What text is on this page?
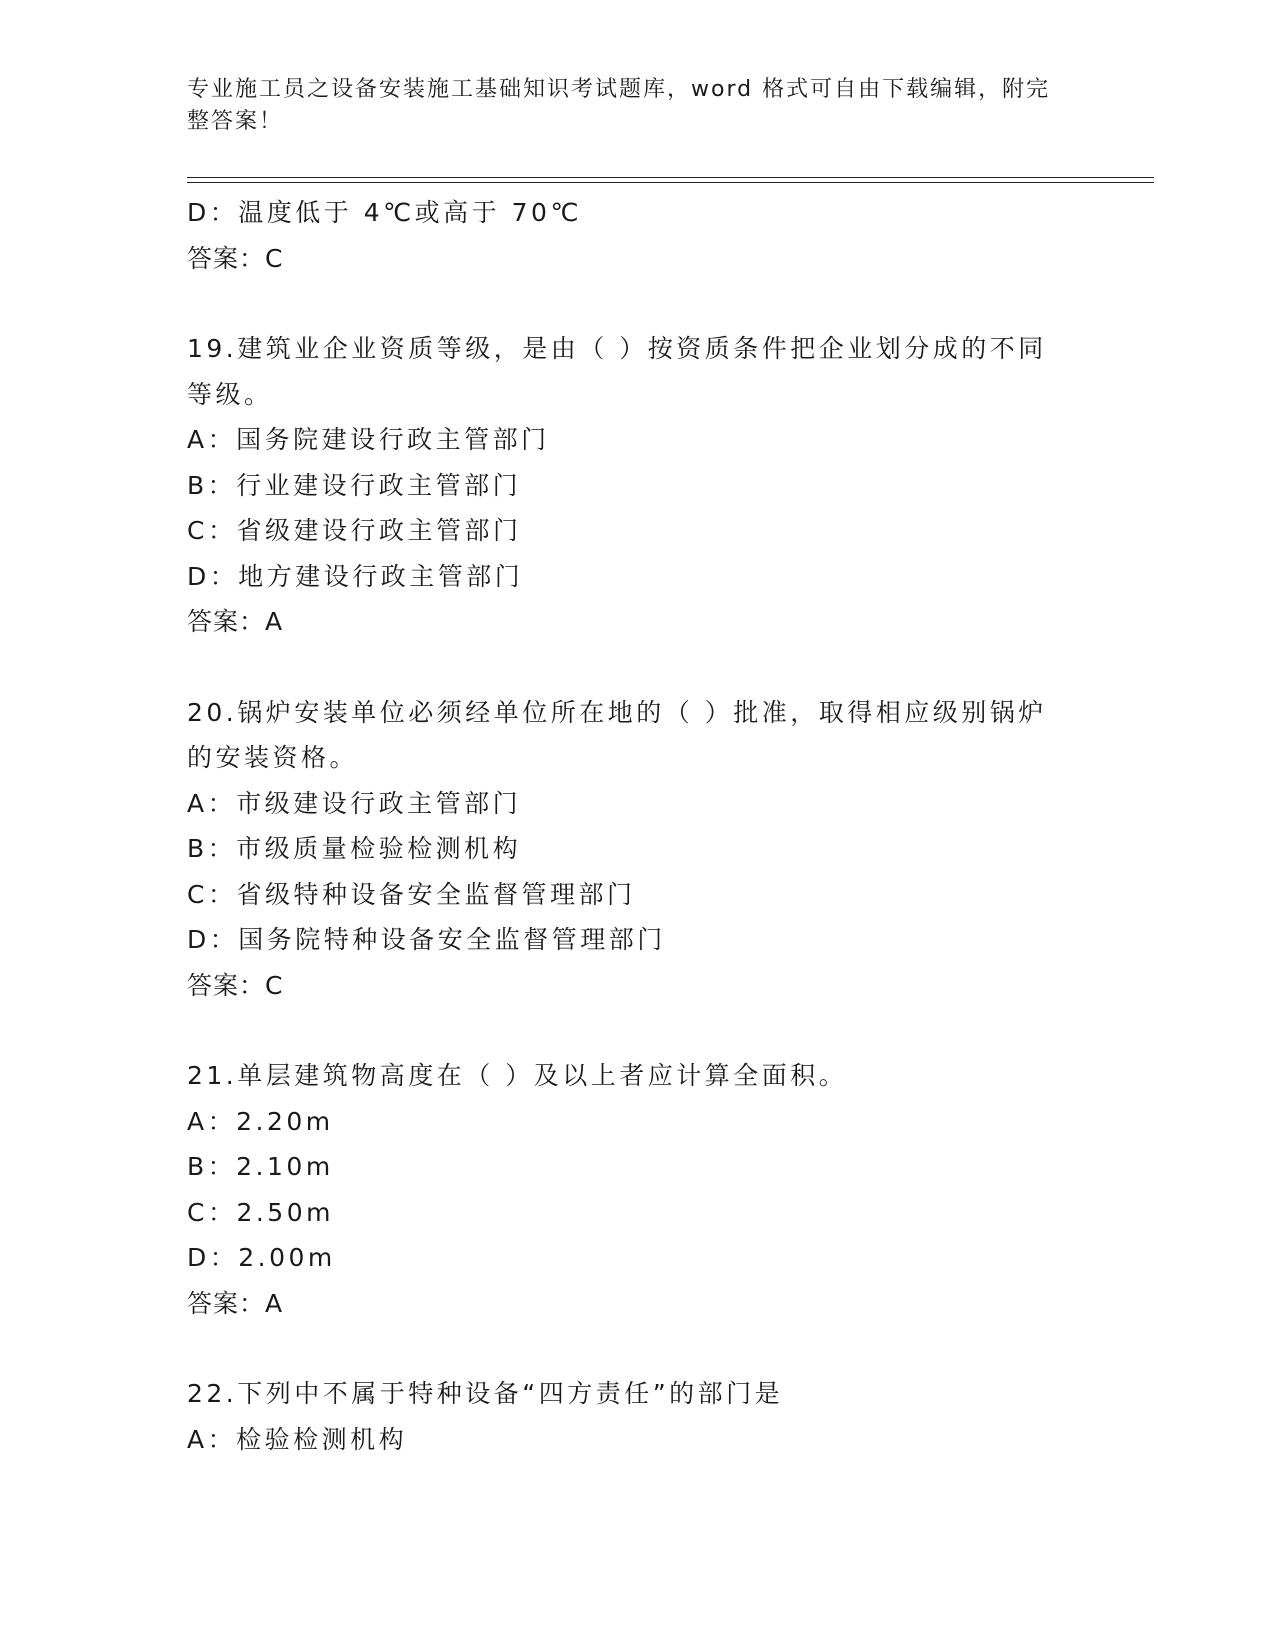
专业施工员之设备安装施工基础知识考试题库，word 格式可自由下载编辑，附完
整答案！
D：温度低于 4℃或高于 70℃
答案：C
19.建筑业企业资质等级，是由（ ）按资质条件把企业划分成的不同
等级。
A：国务院建设行政主管部门
B：行业建设行政主管部门
C：省级建设行政主管部门
D：地方建设行政主管部门
答案：A
20.锅炉安装单位必须经单位所在地的（ ）批准，取得相应级别锅炉
的安装资格。
A：市级建设行政主管部门
B：市级质量检验检测机构
C：省级特种设备安全监督管理部门
D：国务院特种设备安全监督管理部门
答案：C
21.单层建筑物高度在（ ）及以上者应计算全面积。
A：2.20m
B：2.10m
C：2.50m
D：2.00m
答案：A
22.下列中不属于特种设备“四方责任”的部门是
A：检验检测机构
